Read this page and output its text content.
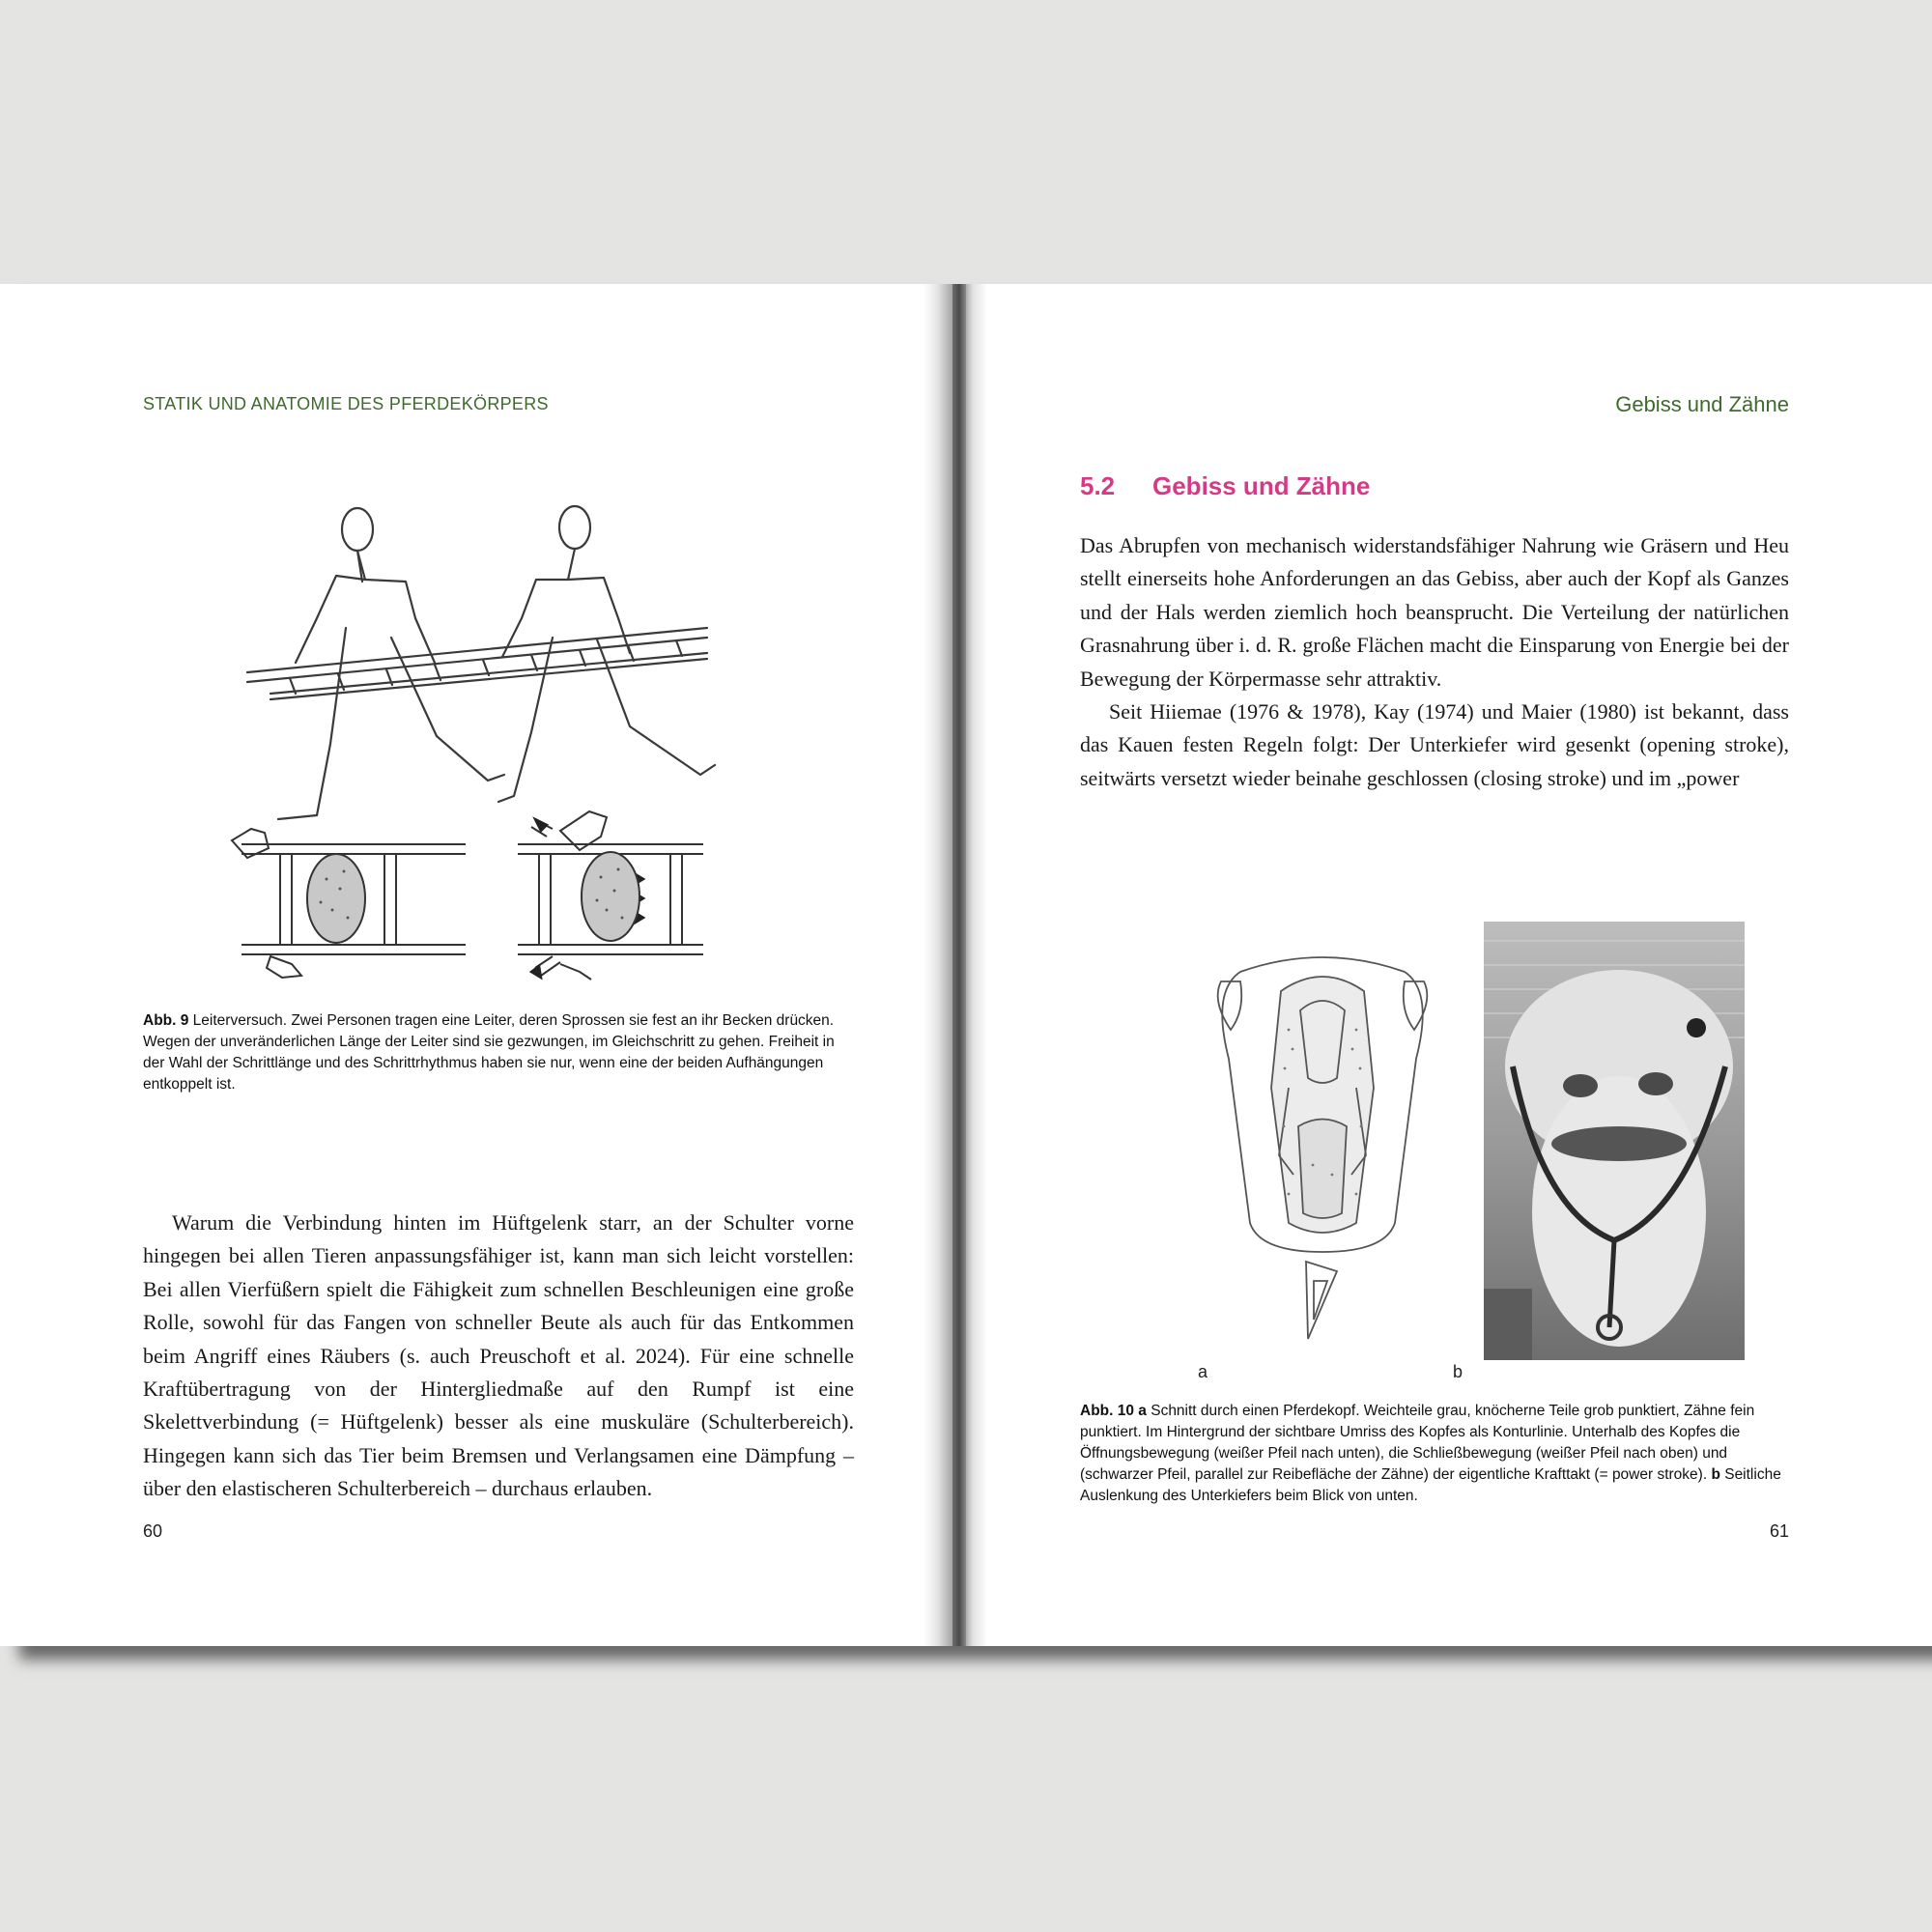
STATIK UND ANATOMIE DES PFERDEKÖRPERS
Abb. 9 Leiterversuch. Zwei Personen tragen eine Leiter, deren Sprossen sie fest an ihr Becken drücken. Wegen der unveränderlichen Länge der Leiter sind sie gezwungen, im Gleichschritt zu gehen. Freiheit in der Wahl der Schrittlänge und des Schrittrhythmus haben sie nur, wenn eine der beiden Aufhängungen entkoppelt ist.

Warum die Verbindung hinten im Hüftgelenk starr, an der Schulter vorne hingegen bei allen Tieren anpassungsfähiger ist, kann man sich leicht vorstellen: Bei allen Vierfüßern spielt die Fähigkeit zum schnellen Beschleunigen eine große Rolle, sowohl für das Fangen von schneller Beute als auch für das Entkommen beim Angriff eines Räubers (s. auch Preuschoft et al. 2024). Für eine schnelle Kraftübertragung von der Hintergliedmaße auf den Rumpf ist eine Skelettverbindung (= Hüftgelenk) besser als eine muskuläre (Schulterbereich). Hingegen kann sich das Tier beim Bremsen und Verlangsamen eine Dämpfung – über den elastischeren Schulterbereich – durchaus erlauben.

60
Gebiss und Zähne
5.2 Gebiss und Zähne

Das Abrupfen von mechanisch widerstandsfähiger Nahrung wie Gräsern und Heu stellt einerseits hohe Anforderungen an das Gebiss, aber auch der Kopf als Ganzes und der Hals werden ziemlich hoch beansprucht. Die Verteilung der natürlichen Grasnahrung über i. d. R. große Flächen macht die Einsparung von Energie bei der Bewegung der Körpermasse sehr attraktiv.

Seit Hiiemae (1976 & 1978), Kay (1974) und Maier (1980) ist bekannt, dass das Kauen festen Regeln folgt: Der Unterkiefer wird gesenkt (opening stroke), seitwärts versetzt wieder beinahe geschlossen (closing stroke) und im „power

a	b
Abb. 10 a Schnitt durch einen Pferdekopf. Weichteile grau, knöcherne Teile grob punktiert, Zähne fein punktiert. Im Hintergrund der sichtbare Umriss des Kopfes als Konturlinie. Unterhalb des Kopfes die Öffnungsbewegung (weißer Pfeil nach unten), die Schließbewegung (weißer Pfeil nach oben) und (schwarzer Pfeil, parallel zur Reibefläche der Zähne) der eigentliche Krafttakt (= power stroke). b Seitliche Auslenkung des Unterkiefers beim Blick von unten.
61
